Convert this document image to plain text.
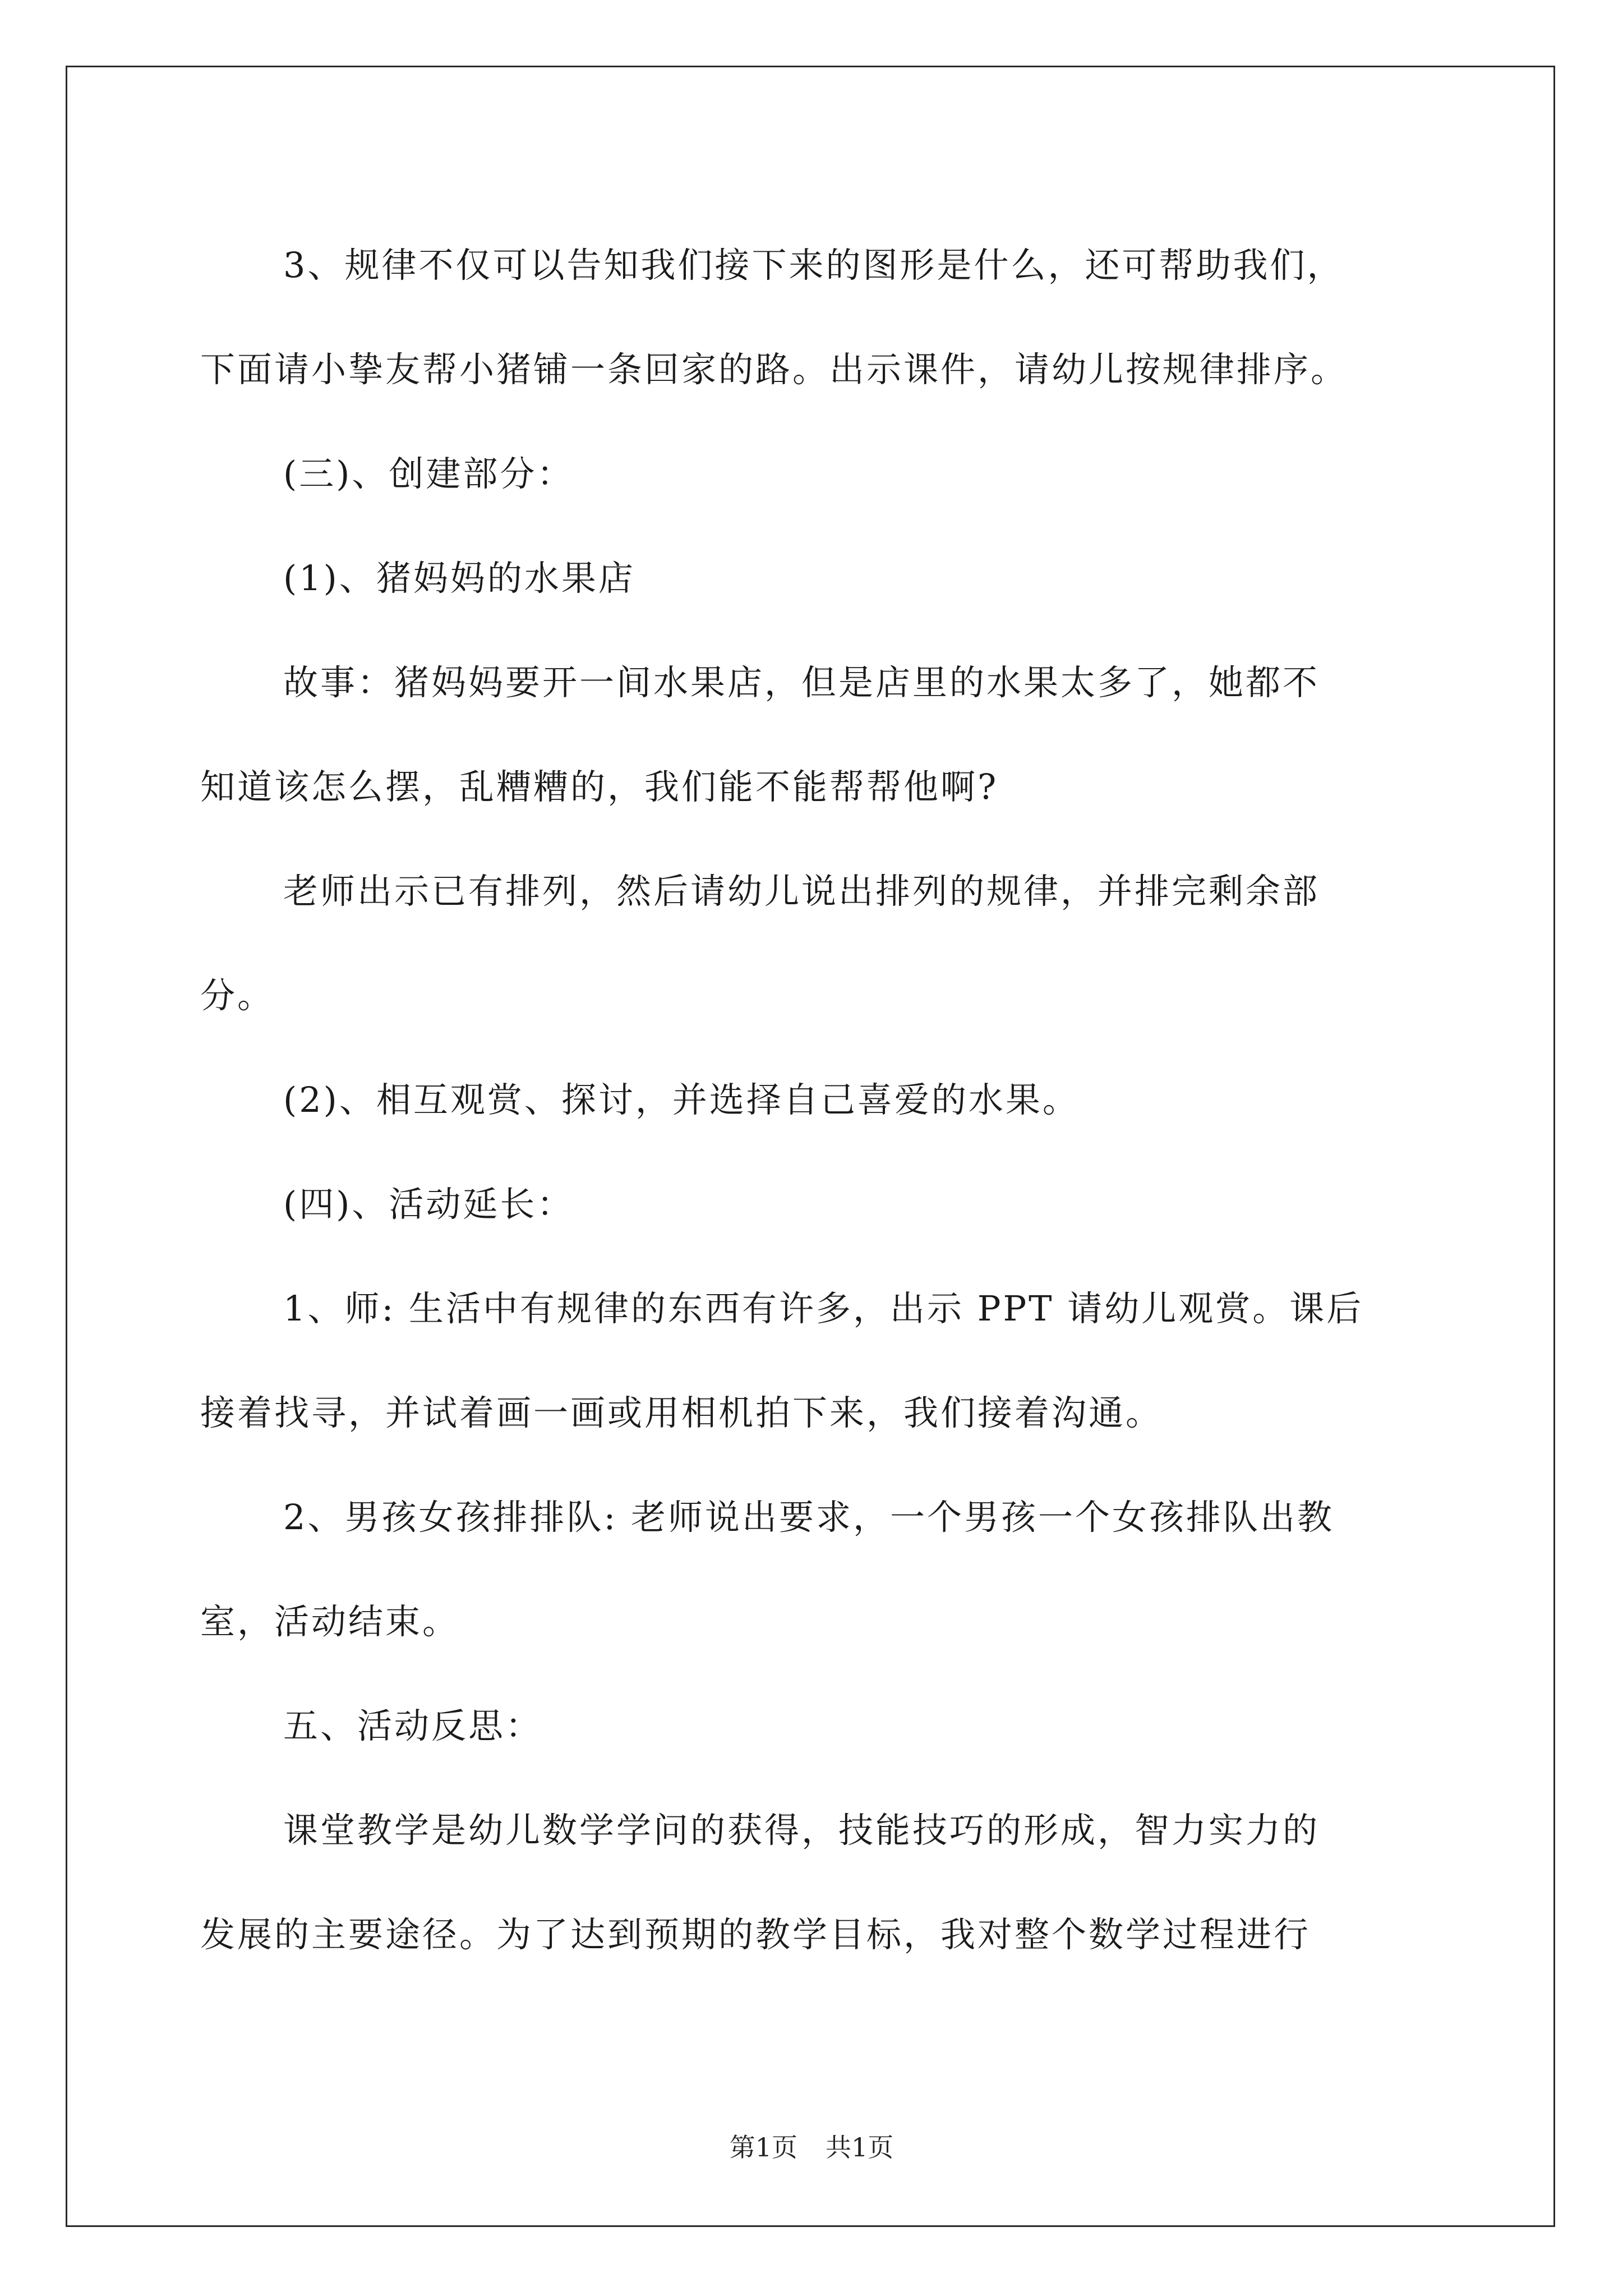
3、规律不仅可以告知我们接下来的图形是什么，还可帮助我们，

下面请小挚友帮小猪铺一条回家的路。出示课件，请幼儿按规律排序。

(三)、创建部分：

(1)、猪妈妈的水果店

故事：猪妈妈要开一间水果店，但是店里的水果太多了，她都不

知道该怎么摆，乱糟糟的，我们能不能帮帮他啊?

老师出示已有排列，然后请幼儿说出排列的规律，并排完剩余部

分。

(2)、相互观赏、探讨，并选择自己喜爱的水果。

(四)、活动延长：

1、师: 生活中有规律的东西有许多，出示 PPT 请幼儿观赏。课后

接着找寻，并试着画一画或用相机拍下来，我们接着沟通。

2、男孩女孩排排队: 老师说出要求，一个男孩一个女孩排队出教

室，活动结束。

五、活动反思：

课堂教学是幼儿数学学问的获得，技能技巧的形成，智力实力的

发展的主要途径。为了达到预期的教学目标，我对整个数学过程进行

第1页 共1页
